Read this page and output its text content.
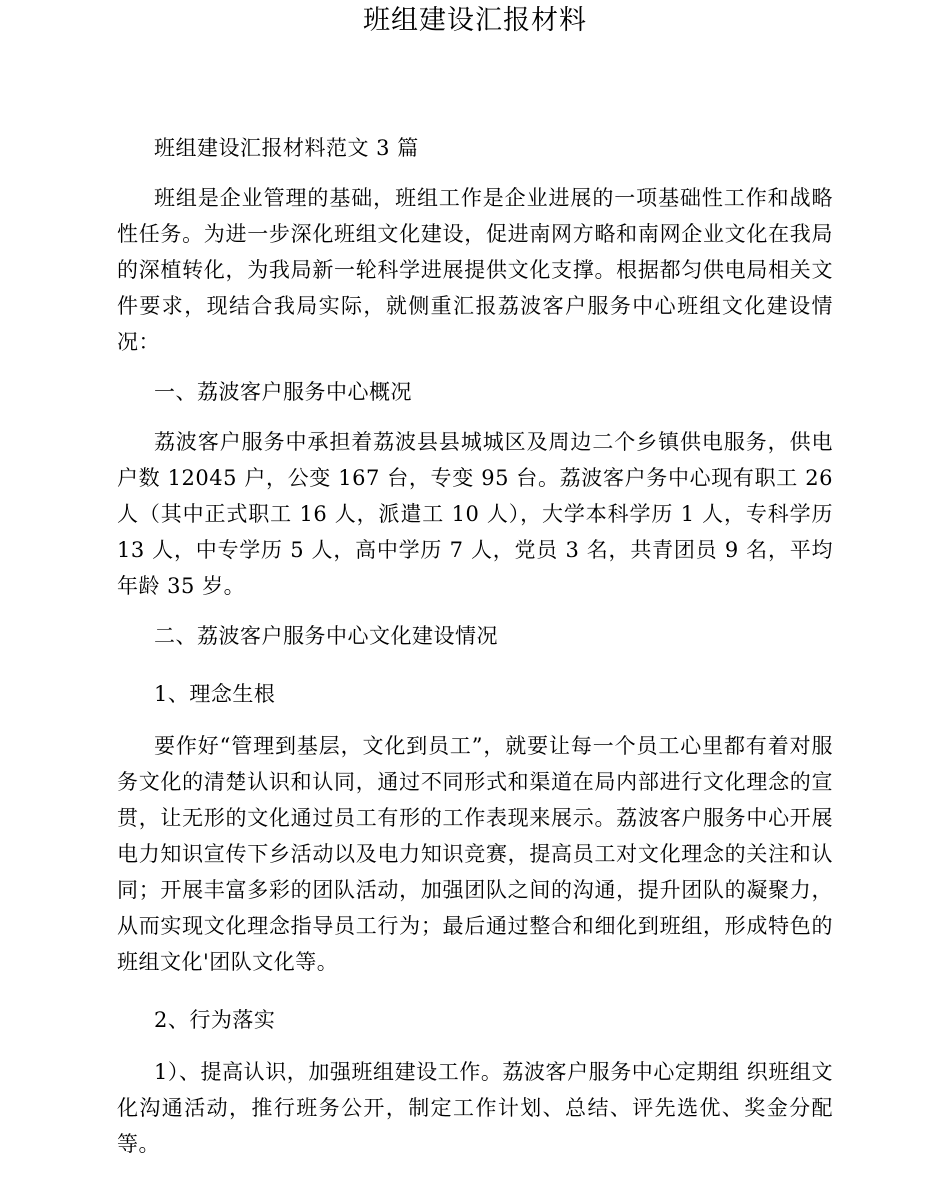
班组建设汇报材料

班组建设汇报材料范文 3 篇

班组是企业管理的基础，班组工作是企业进展的一项基础性工作和战略性任务。为进一步深化班组文化建设，促进南网方略和南网企业文化在我局的深植转化，为我局新一轮科学进展提供文化支撑。根据都匀供电局相关文件要求，现结合我局实际，就侧重汇报荔波客户服务中心班组文化建设情况：

一、荔波客户服务中心概况

荔波客户服务中承担着荔波县县城城区及周边二个乡镇供电服务，供电户数 12045 户，公变 167 台，专变 95 台。荔波客户务中心现有职工 26 人（其中正式职工 16 人，派遣工 10 人），大学本科学历 1 人，专科学历 13 人，中专学历 5 人，高中学历 7 人，党员 3 名，共青团员 9 名，平均年龄 35 岁。

二、荔波客户服务中心文化建设情况

1、理念生根

要作好“管理到基层，文化到员工”，就要让每一个员工心里都有着对服务文化的清楚认识和认同，通过不同形式和渠道在局内部进行文化理念的宣贯，让无形的文化通过员工有形的工作表现来展示。荔波客户服务中心开展电力知识宣传下乡活动以及电力知识竞赛，提高员工对文化理念的关注和认同；开展丰富多彩的团队活动，加强团队之间的沟通，提升团队的凝聚力，从而实现文化理念指导员工行为；最后通过整合和细化到班组，形成特色的班组文化'团队文化等。

2、行为落实

1）、提高认识，加强班组建设工作。荔波客户服务中心定期组 织班组文化沟通活动，推行班务公开，制定工作计划、总结、评先选优、奖金分配等。
